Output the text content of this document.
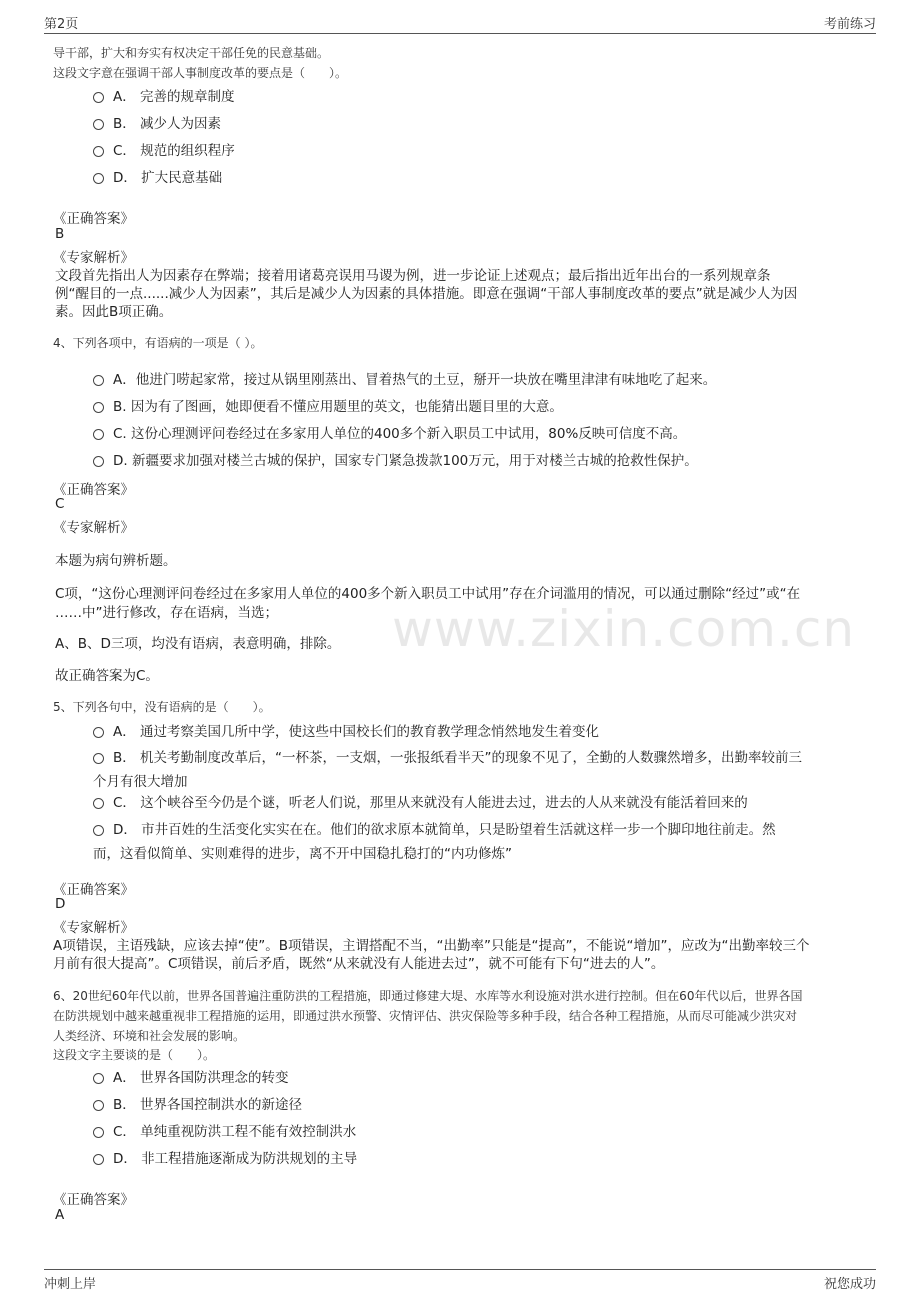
第2页	考前练习
www.zixin.com.cn
导干部，扩大和夯实有权决定干部任免的民意基础。
这段文字意在强调干部人事制度改革的要点是（　　）。
A． 完善的规章制度
B． 减少人为因素
C． 规范的组织程序
D． 扩大民意基础
《正确答案》
B
《专家解析》
文段首先指出人为因素存在弊端；接着用诸葛亮误用马谡为例，进一步论证上述观点；最后指出近年出台的一系列规章条
例“醒目的一点......减少人为因素”，其后是减少人为因素的具体措施。即意在强调“干部人事制度改革的要点”就是减少人为因
素。因此B项正确。
4、下列各项中，有语病的一项是（ ）。
A．他进门唠起家常，接过从锅里刚蒸出、冒着热气的土豆，掰开一块放在嘴里津津有味地吃了起来。
B. 因为有了图画，她即便看不懂应用题里的英文，也能猜出题目里的大意。
C. 这份心理测评问卷经过在多家用人单位的400多个新入职员工中试用，80%反映可信度不高。
D. 新疆要求加强对楼兰古城的保护，国家专门紧急拨款100万元，用于对楼兰古城的抢救性保护。
《正确答案》
C
《专家解析》
本题为病句辨析题。
C项，“这份心理测评问卷经过在多家用人单位的400多个新入职员工中试用”存在介词滥用的情况，可以通过删除“经过”或“在
……中”进行修改，存在语病，当选；
A、B、D三项，均没有语病，表意明确，排除。
故正确答案为C。
5、下列各句中，没有语病的是（　　）。
A． 通过考察美国几所中学，使这些中国校长们的教育教学理念悄然地发生着变化
B． 机关考勤制度改革后，“一杯茶，一支烟，一张报纸看半天”的现象不见了，全勤的人数骤然增多，出勤率较前三
个月有很大增加
C． 这个峡谷至今仍是个谜，听老人们说，那里从来就没有人能进去过，进去的人从来就没有能活着回来的
D． 市井百姓的生活变化实实在在。他们的欲求原本就简单，只是盼望着生活就这样一步一个脚印地往前走。然
而，这看似简单、实则难得的进步，离不开中国稳扎稳打的“内功修炼”
《正确答案》
D
《专家解析》
A项错误，主语残缺，应该去掉“使”。B项错误，主谓搭配不当，“出勤率”只能是“提高”，不能说“增加”，应改为“出勤率较三个
月前有很大提高”。C项错误，前后矛盾，既然“从来就没有人能进去过”，就不可能有下句“进去的人”。
6、20世纪60年代以前，世界各国普遍注重防洪的工程措施，即通过修建大堤、水库等水利设施对洪水进行控制。但在60年代以后，世界各国
在防洪规划中越来越重视非工程措施的运用，即通过洪水预警、灾情评估、洪灾保险等多种手段，结合各种工程措施，从而尽可能减少洪灾对
人类经济、环境和社会发展的影响。
这段文字主要谈的是（　　）。
A． 世界各国防洪理念的转变
B． 世界各国控制洪水的新途径
C． 单纯重视防洪工程不能有效控制洪水
D． 非工程措施逐渐成为防洪规划的主导
《正确答案》
A
冲刺上岸	祝您成功
